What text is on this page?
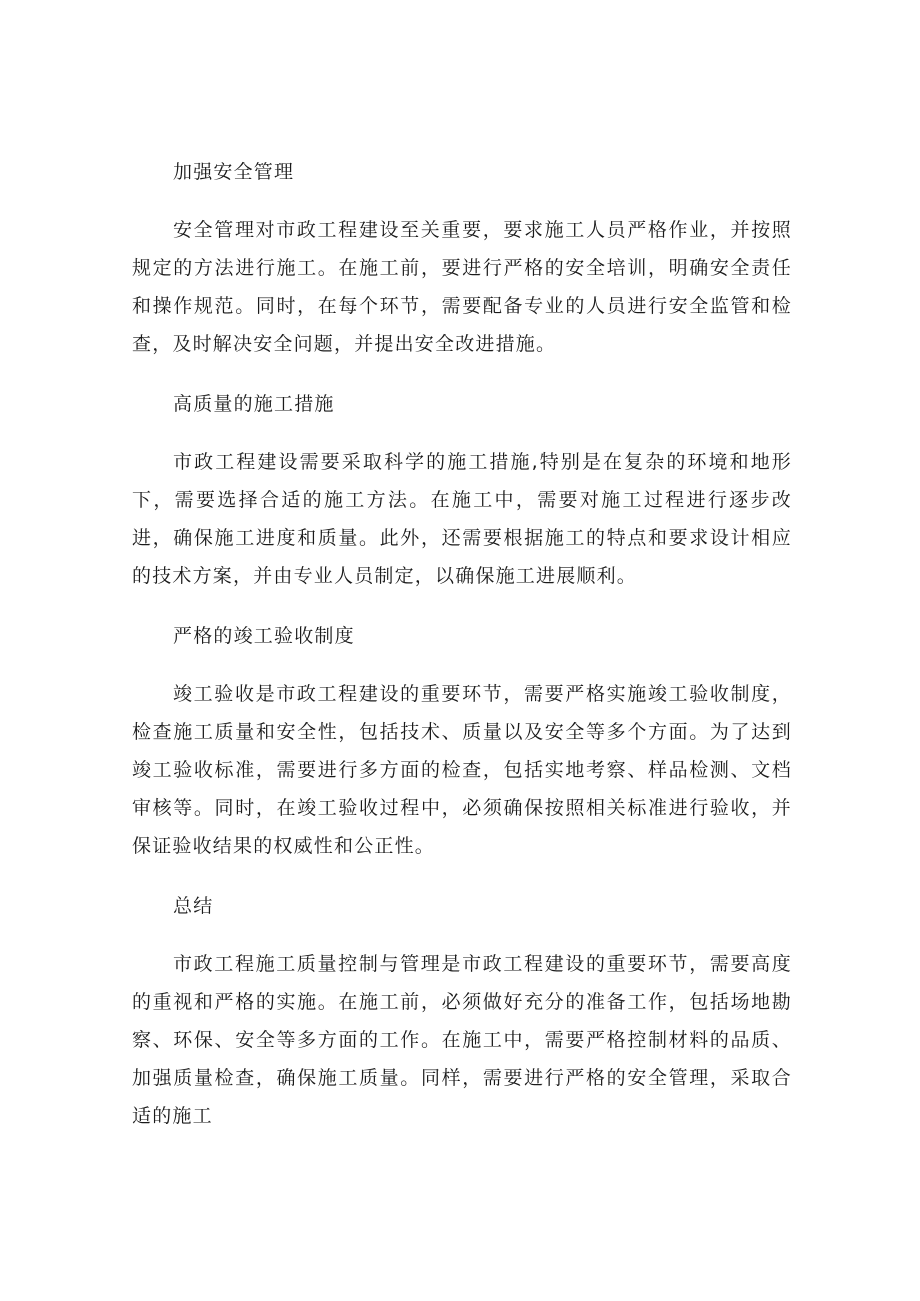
加强安全管理
安全管理对市政工程建设至关重要，要求施工人员严格作业，并按照规定的方法进行施工。在施工前，要进行严格的安全培训，明确安全责任和操作规范。同时，在每个环节，需要配备专业的人员进行安全监管和检查，及时解决安全问题，并提出安全改进措施。
高质量的施工措施
市政工程建设需要采取科学的施工措施,特别是在复杂的环境和地形下，需要选择合适的施工方法。在施工中，需要对施工过程进行逐步改进，确保施工进度和质量。此外，还需要根据施工的特点和要求设计相应的技术方案，并由专业人员制定，以确保施工进展顺利。
严格的竣工验收制度
竣工验收是市政工程建设的重要环节，需要严格实施竣工验收制度，检查施工质量和安全性，包括技术、质量以及安全等多个方面。为了达到竣工验收标准，需要进行多方面的检查，包括实地考察、样品检测、文档审核等。同时，在竣工验收过程中，必须确保按照相关标准进行验收，并保证验收结果的权威性和公正性。
总结
市政工程施工质量控制与管理是市政工程建设的重要环节，需要高度的重视和严格的实施。在施工前，必须做好充分的准备工作，包括场地勘察、环保、安全等多方面的工作。在施工中，需要严格控制材料的品质、加强质量检查，确保施工质量。同样，需要进行严格的安全管理，采取合适的施工
